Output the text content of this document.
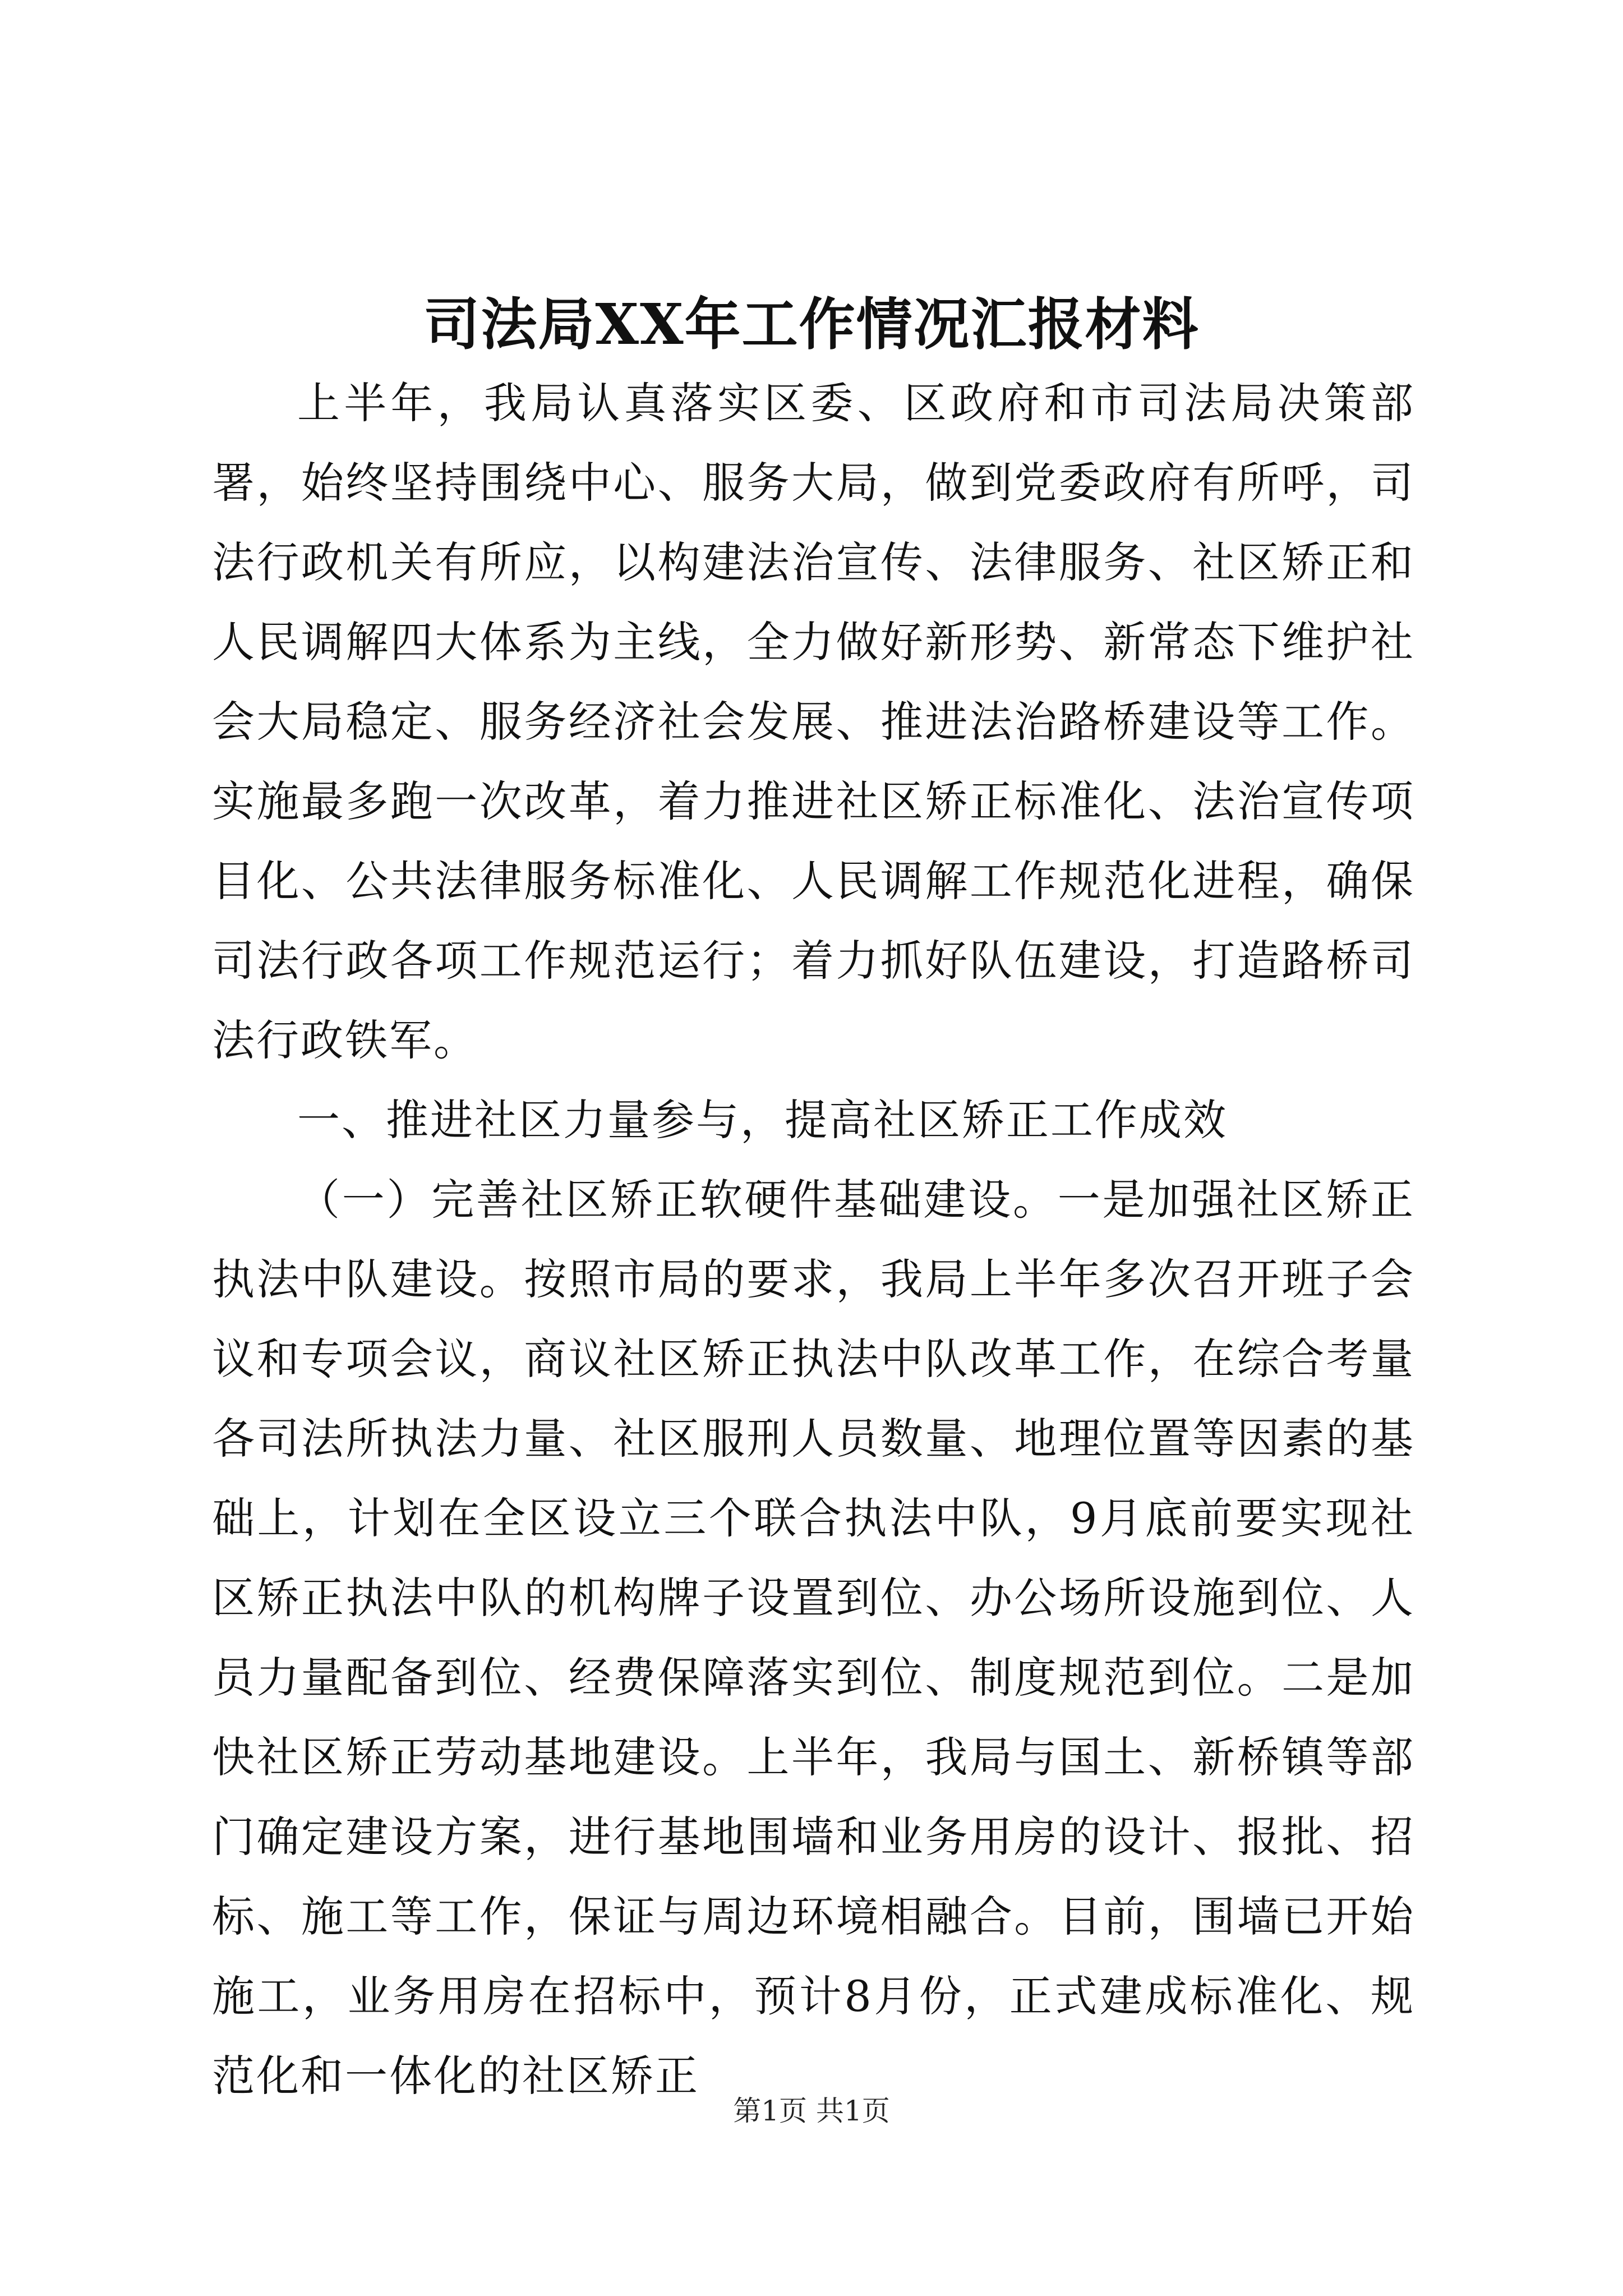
司法局XX年工作情况汇报材料

上半年，我局认真落实区委、区政府和市司法局决策部署，始终坚持围绕中心、服务大局，做到党委政府有所呼，司法行政机关有所应，以构建法治宣传、法律服务、社区矫正和人民调解四大体系为主线，全力做好新形势、新常态下维护社会大局稳定、服务经济社会发展、推进法治路桥建设等工作。实施最多跑一次改革，着力推进社区矫正标准化、法治宣传项目化、公共法律服务标准化、人民调解工作规范化进程，确保司法行政各项工作规范运行；着力抓好队伍建设，打造路桥司法行政铁军。

一、推进社区力量参与，提高社区矫正工作成效

（一）完善社区矫正软硬件基础建设。一是加强社区矫正执法中队建设。按照市局的要求，我局上半年多次召开班子会议和专项会议，商议社区矫正执法中队改革工作，在综合考量各司法所执法力量、社区服刑人员数量、地理位置等因素的基础上，计划在全区设立三个联合执法中队，9月底前要实现社区矫正执法中队的机构牌子设置到位、办公场所设施到位、人员力量配备到位、经费保障落实到位、制度规范到位。二是加快社区矫正劳动基地建设。上半年，我局与国土、新桥镇等部门确定建设方案，进行基地围墙和业务用房的设计、报批、招标、施工等工作，保证与周边环境相融合。目前，围墙已开始施工，业务用房在招标中，预计8月份，正式建成标准化、规范化和一体化的社区矫正

第1页 共1页
